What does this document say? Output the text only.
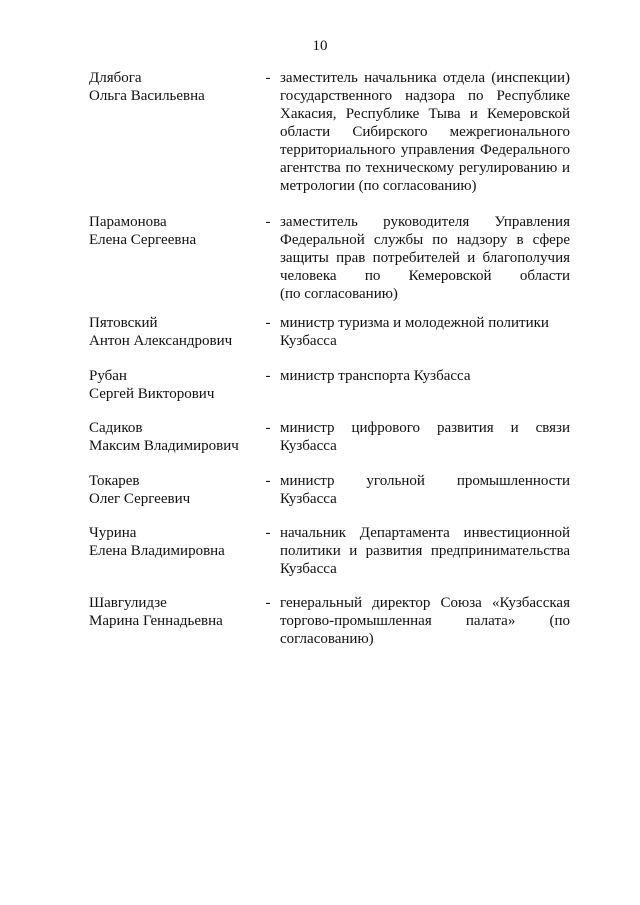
10
Длябога
Ольга Васильевна
- заместитель начальника отдела (инспекции)
государственного надзора по Республике
Хакасия, Республике Тыва и Кемеровской
области Сибирского межрегионального
территориального управления Федерального
агентства по техническому регулированию и
метрологии (по согласованию)
Парамонова
Елена Сергеевна
- заместитель руководителя Управления
Федеральной службы по надзору в сфере
защиты прав потребителей и благополучия
человека по Кемеровской области
(по согласованию)
Пятовский
Антон Александрович
- министр туризма и молодежной политики
Кузбасса
Рубан
Сергей Викторович
- министр транспорта Кузбасса
Садиков
Максим Владимирович
- министр цифрового развития и связи
Кузбасса
Токарев
Олег Сергеевич
- министр угольной промышленности
Кузбасса
Чурина
Елена Владимировна
- начальник Департамента инвестиционной
политики и развития предпринимательства
Кузбасса
Шавгулидзе
Марина Геннадьевна
- генеральный директор Союза «Кузбасская
торгово-промышленная палата» (по
согласованию)
